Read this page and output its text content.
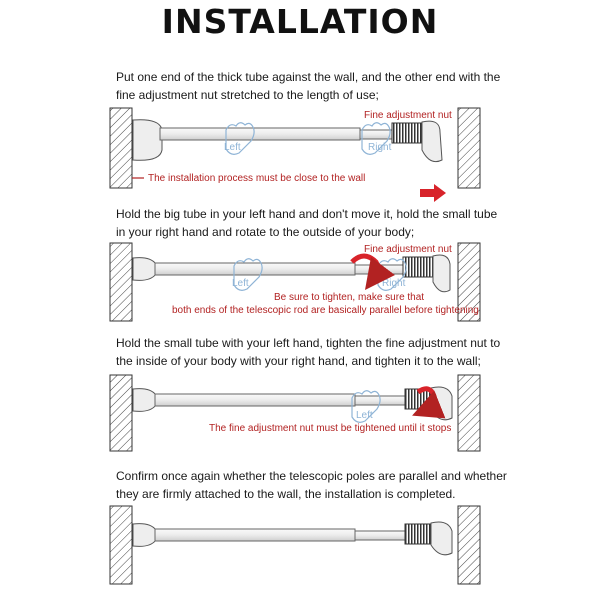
INSTALLATION
Put one end of the thick tube against the wall, and the other end with the
fine adjustment nut stretched to the length of use;
Hold the big tube in your left hand and don't move it, hold the small tube
in your right hand and rotate to the outside of your body;
Hold the small tube with your left hand, tighten the fine adjustment nut to
the inside of your body with your right hand, and tighten it to the wall;
Confirm once again whether the telescopic poles are parallel and whether
they are firmly attached to the wall, the installation is completed.
Left	Right
Fine adjustment nut
The installation process must be close to the wall
Left	Right
Fine adjustment nut
Be sure to tighten, make sure that
both ends of the telescopic rod are basically parallel before tightening
Left
The fine adjustment nut must be tightened until it stops
